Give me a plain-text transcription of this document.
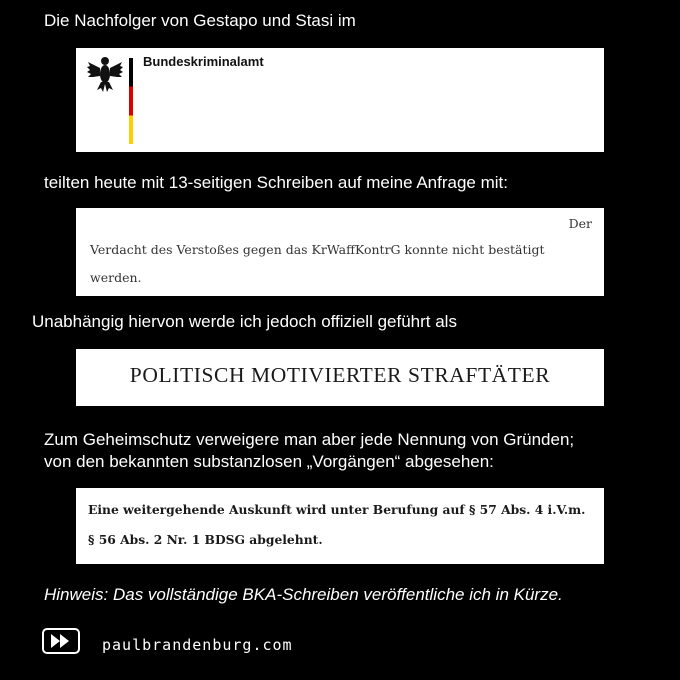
Die Nachfolger von Gestapo und Stasi im
Bundeskriminalamt
teilten heute mit 13-seitigen Schreiben auf meine Anfrage mit:
Der
Verdacht des Verstoßes gegen das KrWaffKontrG konnte nicht bestätigt
werden.
Unabhängig hiervon werde ich jedoch offiziell geführt als
POLITISCH MOTIVIERTER STRAFTÄTER
Zum Geheimschutz verweigere man aber jede Nennung von Gründen;
von den bekannten substanzlosen „Vorgängen“ abgesehen:
Eine weitergehende Auskunft wird unter Berufung auf § 57 Abs. 4 i.V.m.
§ 56 Abs. 2 Nr. 1 BDSG abgelehnt.
Hinweis: Das vollständige BKA-Schreiben veröffentliche ich in Kürze.
paulbrandenburg.com
